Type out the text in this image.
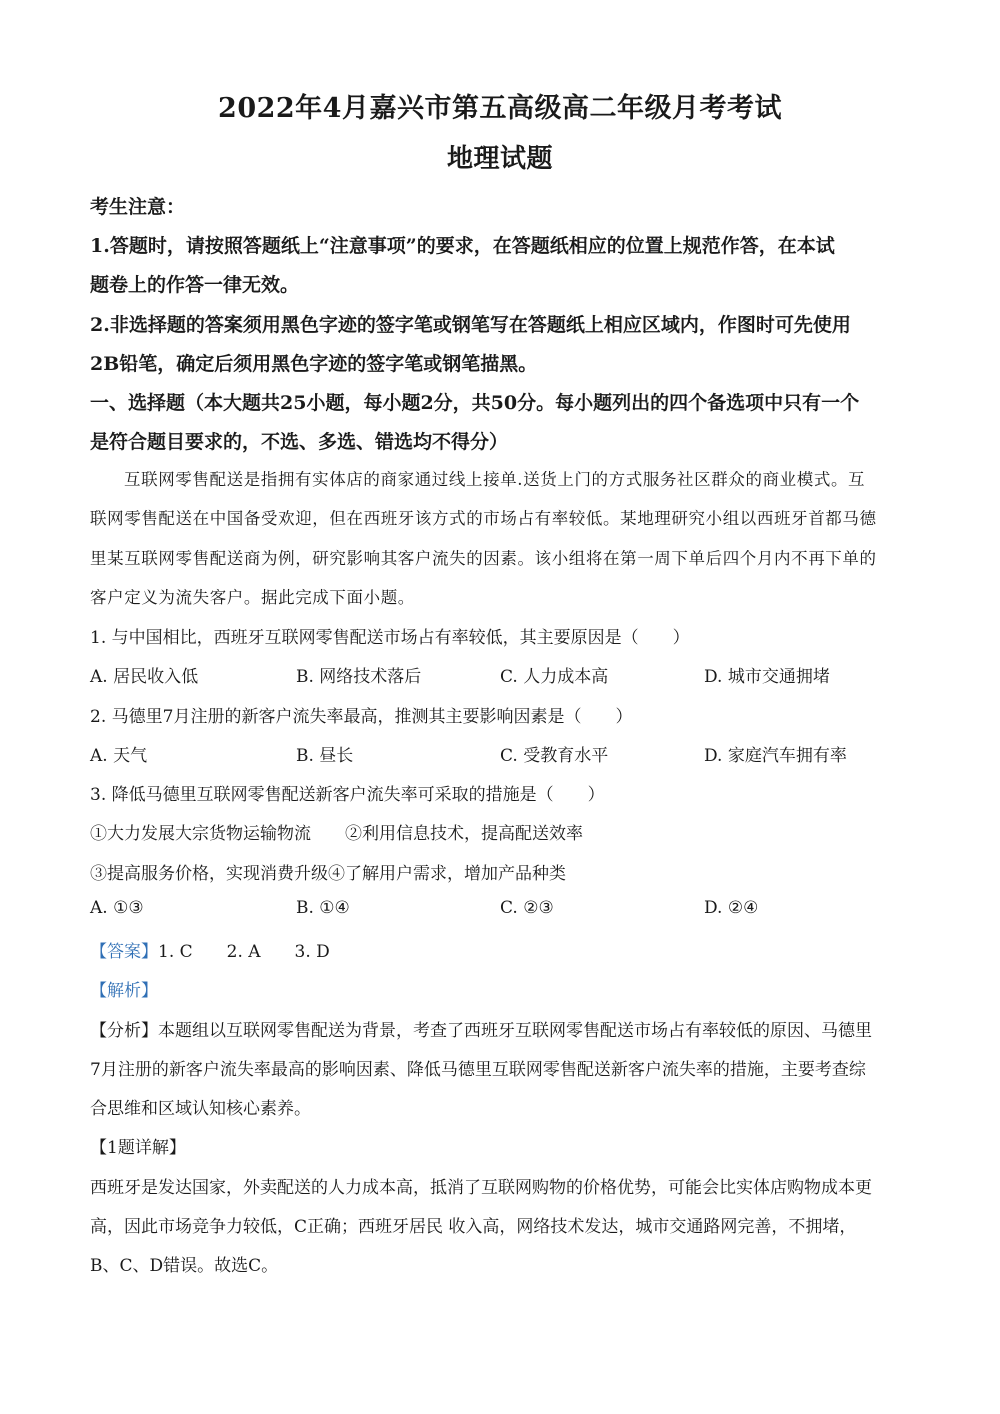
2022年4月嘉兴市第五高级高二年级月考考试
地理试题
考生注意：
1.答题时，请按照答题纸上“注意事项”的要求，在答题纸相应的位置上规范作答，在本试
题卷上的作答一律无效。
2.非选择题的答案须用黑色字迹的签字笔或钢笔写在答题纸上相应区域内，作图时可先使用
2B铅笔，确定后须用黑色字迹的签字笔或钢笔描黑。
一、选择题（本大题共25小题，每小题2分，共50分。每小题列出的四个备选项中只有一个
是符合题目要求的，不选、多选、错选均不得分）
互联网零售配送是指拥有实体店的商家通过线上接单.送货上门的方式服务社区群众的商业模式。互
联网零售配送在中国备受欢迎，但在西班牙该方式的市场占有率较低。某地理研究小组以西班牙首都马德
里某互联网零售配送商为例，研究影响其客户流失的因素。该小组将在第一周下单后四个月内不再下单的
客户定义为流失客户。据此完成下面小题。
1. 与中国相比，西班牙互联网零售配送市场占有率较低，其主要原因是（　　）
A. 居民收入低	B. 网络技术落后	C. 人力成本高	D. 城市交通拥堵
2. 马德里7月注册的新客户流失率最高，推测其主要影响因素是（　　）
A. 天气	B. 昼长	C. 受教育水平	D. 家庭汽车拥有率
3. 降低马德里互联网零售配送新客户流失率可采取的措施是（　　）
①大力发展大宗货物运输物流　　②利用信息技术，提高配送效率
③提高服务价格，实现消费升级④了解用户需求，增加产品种类
A. ①③	B. ①④	C. ②③	D. ②④
【答案】1. C　　2. A　　3. D
【解析】
【分析】本题组以互联网零售配送为背景，考查了西班牙互联网零售配送市场占有率较低的原因、马德里
7月注册的新客户流失率最高的影响因素、降低马德里互联网零售配送新客户流失率的措施，主要考查综
合思维和区域认知核心素养。
【1题详解】
西班牙是发达国家，外卖配送的人力成本高，抵消了互联网购物的价格优势，可能会比实体店购物成本更
高，因此市场竞争力较低，C正确；西班牙居民 收入高，网络技术发达，城市交通路网完善，不拥堵，
B、C、D错误。故选C。
